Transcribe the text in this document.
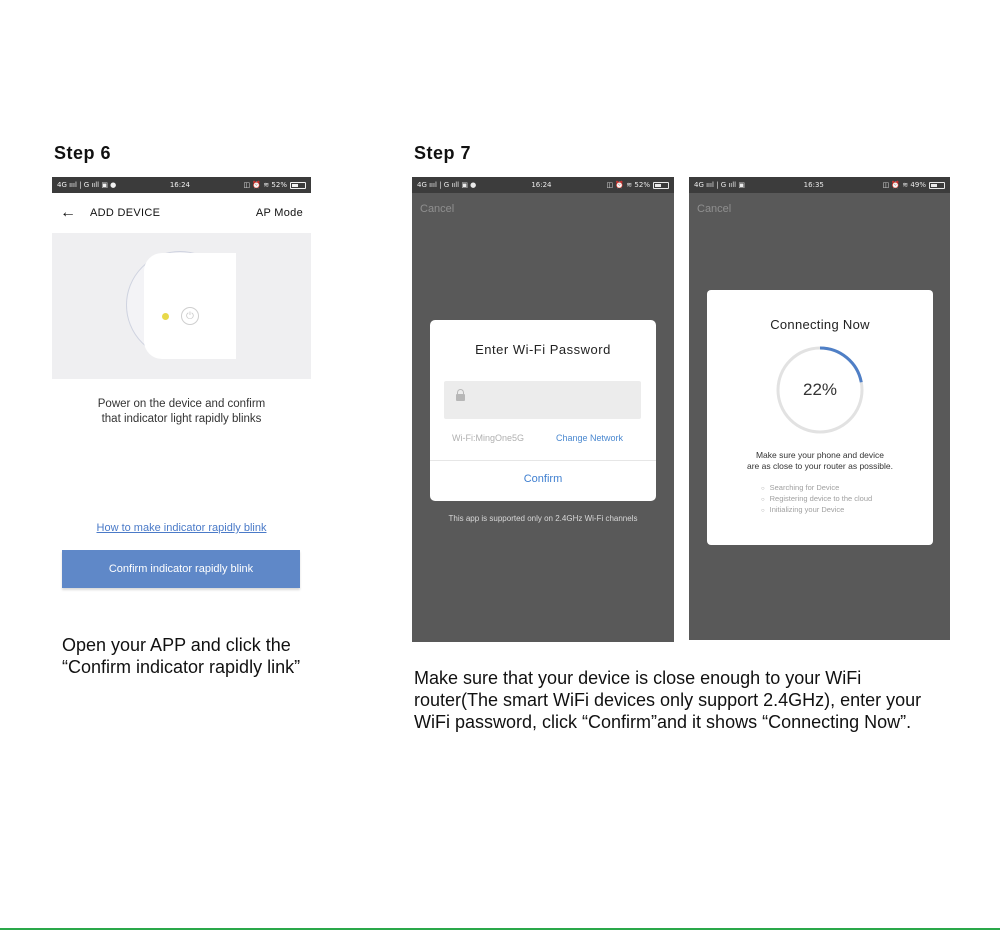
Step 6
4G ıııl | G ııll ▣ ●	16:24	◫ ⏰ ≋ 52%
←	ADD DEVICE	AP Mode
⏻
Power on the device and confirm
that indicator light rapidly blinks
How to make indicator rapidly blink
Confirm indicator rapidly blink
Open your APP and click the
“Confirm indicator rapidly link”
Step 7
4G ıııl | G ııll ▣ ●	16:24	◫ ⏰ ≋ 52%
Cancel
Enter Wi-Fi Password
Wi-Fi:MingOne5G	Change Network
Confirm
This app is supported only on 2.4GHz Wi-Fi channels
4G ıııl | G ııll ▣	16:35	◫ ⏰ ≋ 49%
Cancel
Connecting Now
22%
Make sure your phone and device
are as close to your router as possible.
○ Searching for Device
○ Registering device to the cloud
○ Initializing your Device
Make sure that your device is close enough to your WiFi
router(The smart WiFi devices only support 2.4GHz), enter your
WiFi password, click “Confirm”and it shows “Connecting Now”.
